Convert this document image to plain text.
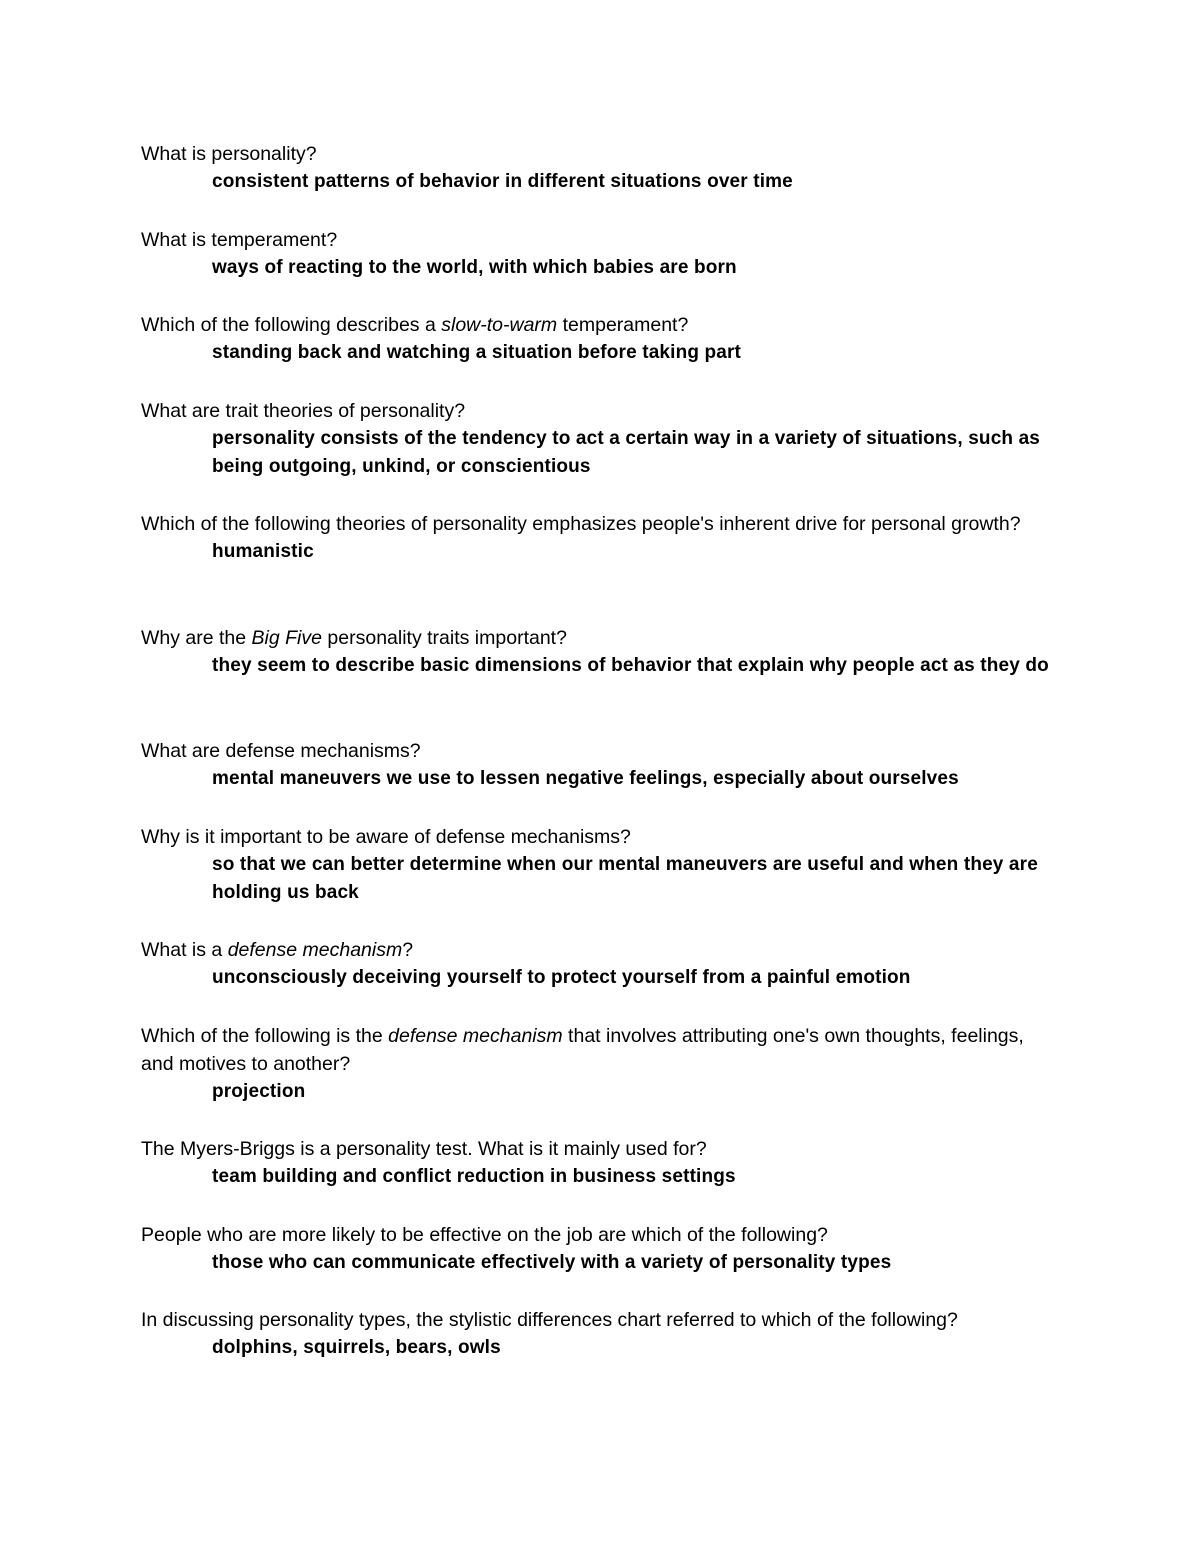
What is personality?

consistent patterns of behavior in different situations over time

What is temperament?

ways of reacting to the world, with which babies are born

Which of the following describes a slow-to-warm temperament?

standing back and watching a situation before taking part

What are trait theories of personality?

personality consists of the tendency to act a certain way in a variety of situations, such as being outgoing, unkind, or conscientious

Which of the following theories of personality emphasizes people's inherent drive for personal growth?

humanistic

Why are the Big Five personality traits important?

they seem to describe basic dimensions of behavior that explain why people act as they do

What are defense mechanisms?

mental maneuvers we use to lessen negative feelings, especially about ourselves

Why is it important to be aware of defense mechanisms?

so that we can better determine when our mental maneuvers are useful and when they are holding us back

What is a defense mechanism?

unconsciously deceiving yourself to protect yourself from a painful emotion

Which of the following is the defense mechanism that involves attributing one's own thoughts, feelings, and motives to another?

projection

The Myers-Briggs is a personality test. What is it mainly used for?

team building and conflict reduction in business settings

People who are more likely to be effective on the job are which of the following?

those who can communicate effectively with a variety of personality types

In discussing personality types, the stylistic differences chart referred to which of the following?

dolphins, squirrels, bears, owls
